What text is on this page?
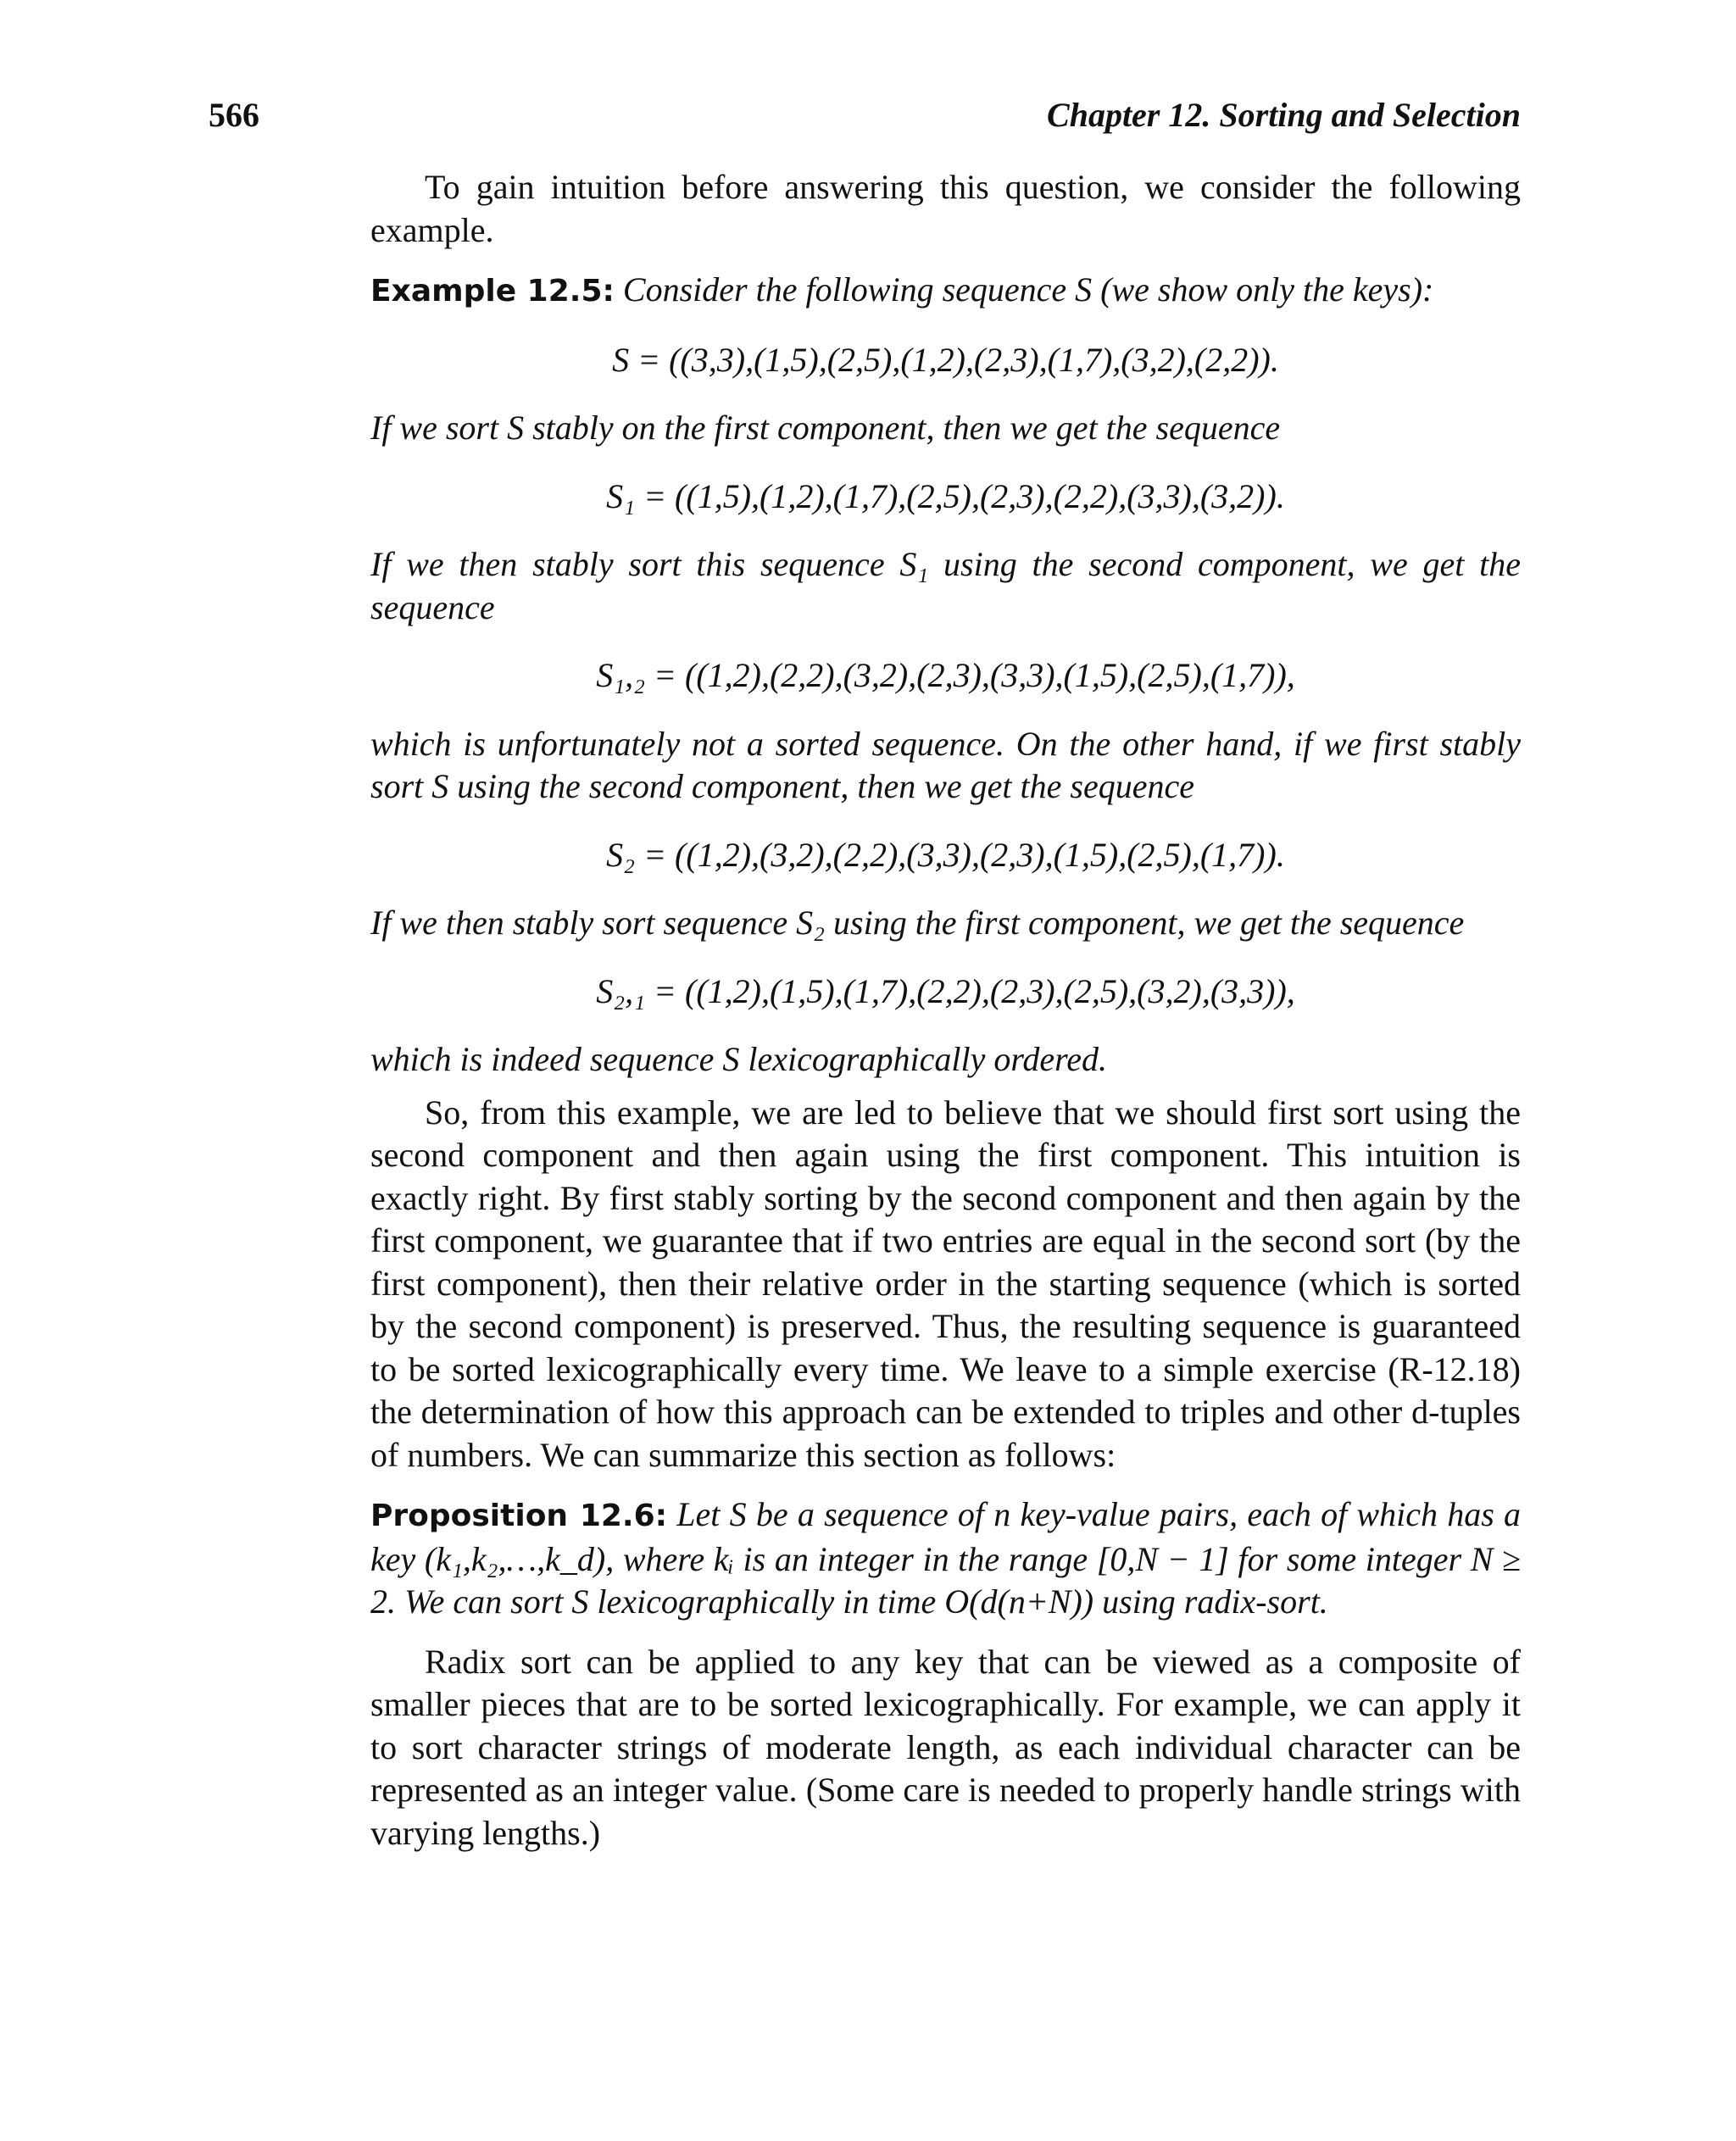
566	Chapter 12. Sorting and Selection

To gain intuition before answering this question, we consider the following example.

Example 12.5: Consider the following sequence S (we show only the keys):

S = ((3,3),(1,5),(2,5),(1,2),(2,3),(1,7),(3,2),(2,2)).

If we sort S stably on the first component, then we get the sequence

S₁ = ((1,5),(1,2),(1,7),(2,5),(2,3),(2,2),(3,3),(3,2)).

If we then stably sort this sequence S₁ using the second component, we get the sequence

S₁,₂ = ((1,2),(2,2),(3,2),(2,3),(3,3),(1,5),(2,5),(1,7)),

which is unfortunately not a sorted sequence. On the other hand, if we first stably sort S using the second component, then we get the sequence

S₂ = ((1,2),(3,2),(2,2),(3,3),(2,3),(1,5),(2,5),(1,7)).

If we then stably sort sequence S₂ using the first component, we get the sequence

S₂,₁ = ((1,2),(1,5),(1,7),(2,2),(2,3),(2,5),(3,2),(3,3)),

which is indeed sequence S lexicographically ordered.

So, from this example, we are led to believe that we should first sort using the second component and then again using the first component. This intuition is exactly right. By first stably sorting by the second component and then again by the first component, we guarantee that if two entries are equal in the second sort (by the first component), then their relative order in the starting sequence (which is sorted by the second component) is preserved. Thus, the resulting sequence is guaranteed to be sorted lexicographically every time. We leave to a simple exercise (R-12.18) the determination of how this approach can be extended to triples and other d-tuples of numbers. We can summarize this section as follows:

Proposition 12.6: Let S be a sequence of n key-value pairs, each of which has a key (k₁,k₂,…,k_d), where kᵢ is an integer in the range [0,N − 1] for some integer N ≥ 2. We can sort S lexicographically in time O(d(n+N)) using radix-sort.

Radix sort can be applied to any key that can be viewed as a composite of smaller pieces that are to be sorted lexicographically. For example, we can apply it to sort character strings of moderate length, as each individual character can be represented as an integer value. (Some care is needed to properly handle strings with varying lengths.)
